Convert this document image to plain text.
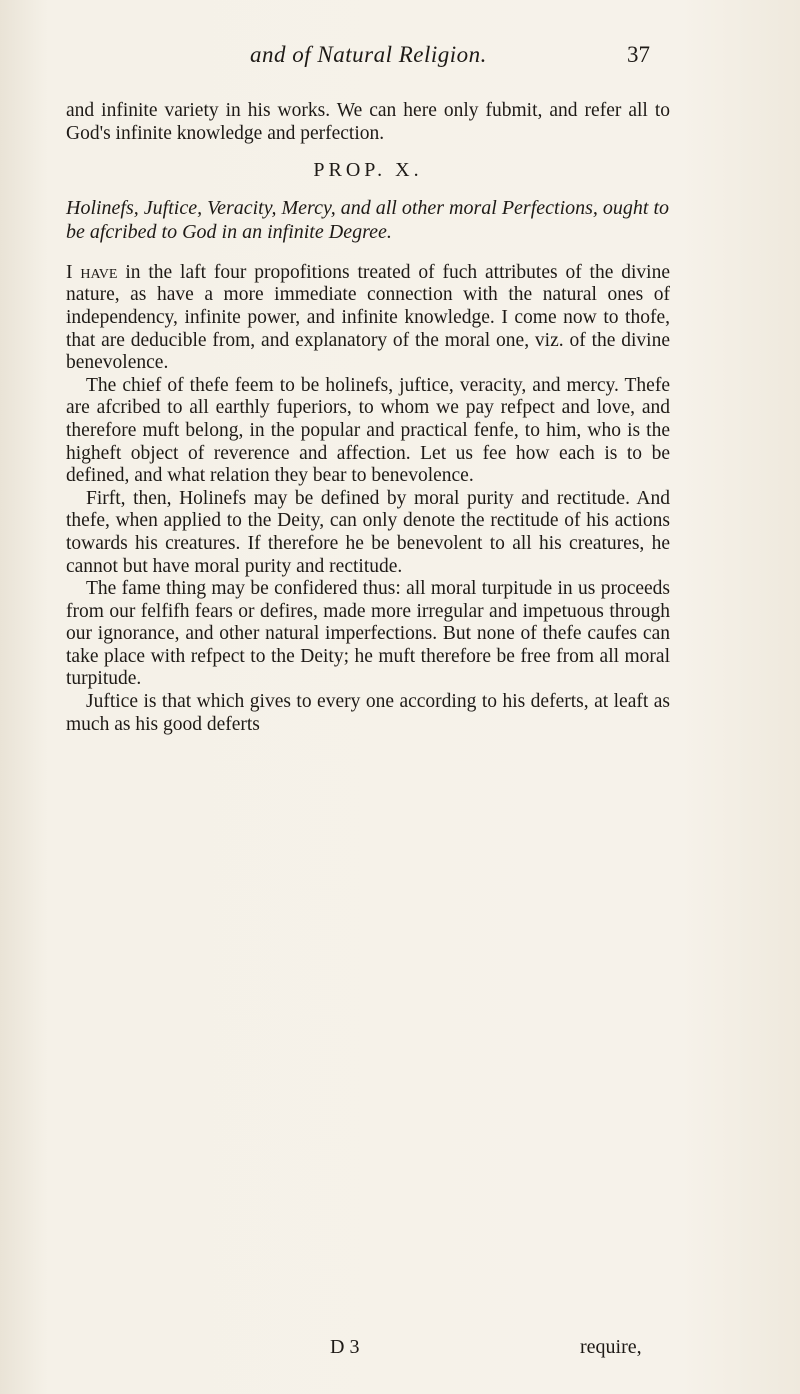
and of Natural Religion.	37

and infinite variety in his works. We can here only fubmit, and refer all to God's infinite knowledge and perfection.

PROP. X.

Holinefs, Juftice, Veracity, Mercy, and all other moral Perfections, ought to be afcribed to God in an infinite Degree.

I have in the laft four propofitions treated of fuch attributes of the divine nature, as have a more immediate connection with the natural ones of independency, infinite power, and infinite knowledge. I come now to thofe, that are deducible from, and explanatory of the moral one, viz. of the divine benevolence.

The chief of thefe feem to be holinefs, juftice, veracity, and mercy. Thefe are afcribed to all earthly fuperiors, to whom we pay refpect and love, and therefore muft belong, in the popular and practical fenfe, to him, who is the higheft object of reverence and affection. Let us fee how each is to be defined, and what relation they bear to benevolence.

Firft, then, Holinefs may be defined by moral purity and rectitude. And thefe, when applied to the Deity, can only denote the rectitude of his actions towards his creatures. If therefore he be benevolent to all his creatures, he cannot but have moral purity and rectitude.

The fame thing may be confidered thus: all moral turpitude in us proceeds from our felfifh fears or defires, made more irregular and impetuous through our ignorance, and other natural imperfections. But none of thefe caufes can take place with refpect to the Deity; he muft therefore be free from all moral turpitude.

Juftice is that which gives to every one according to his deferts, at leaft as much as his good deferts

D 3	require,
